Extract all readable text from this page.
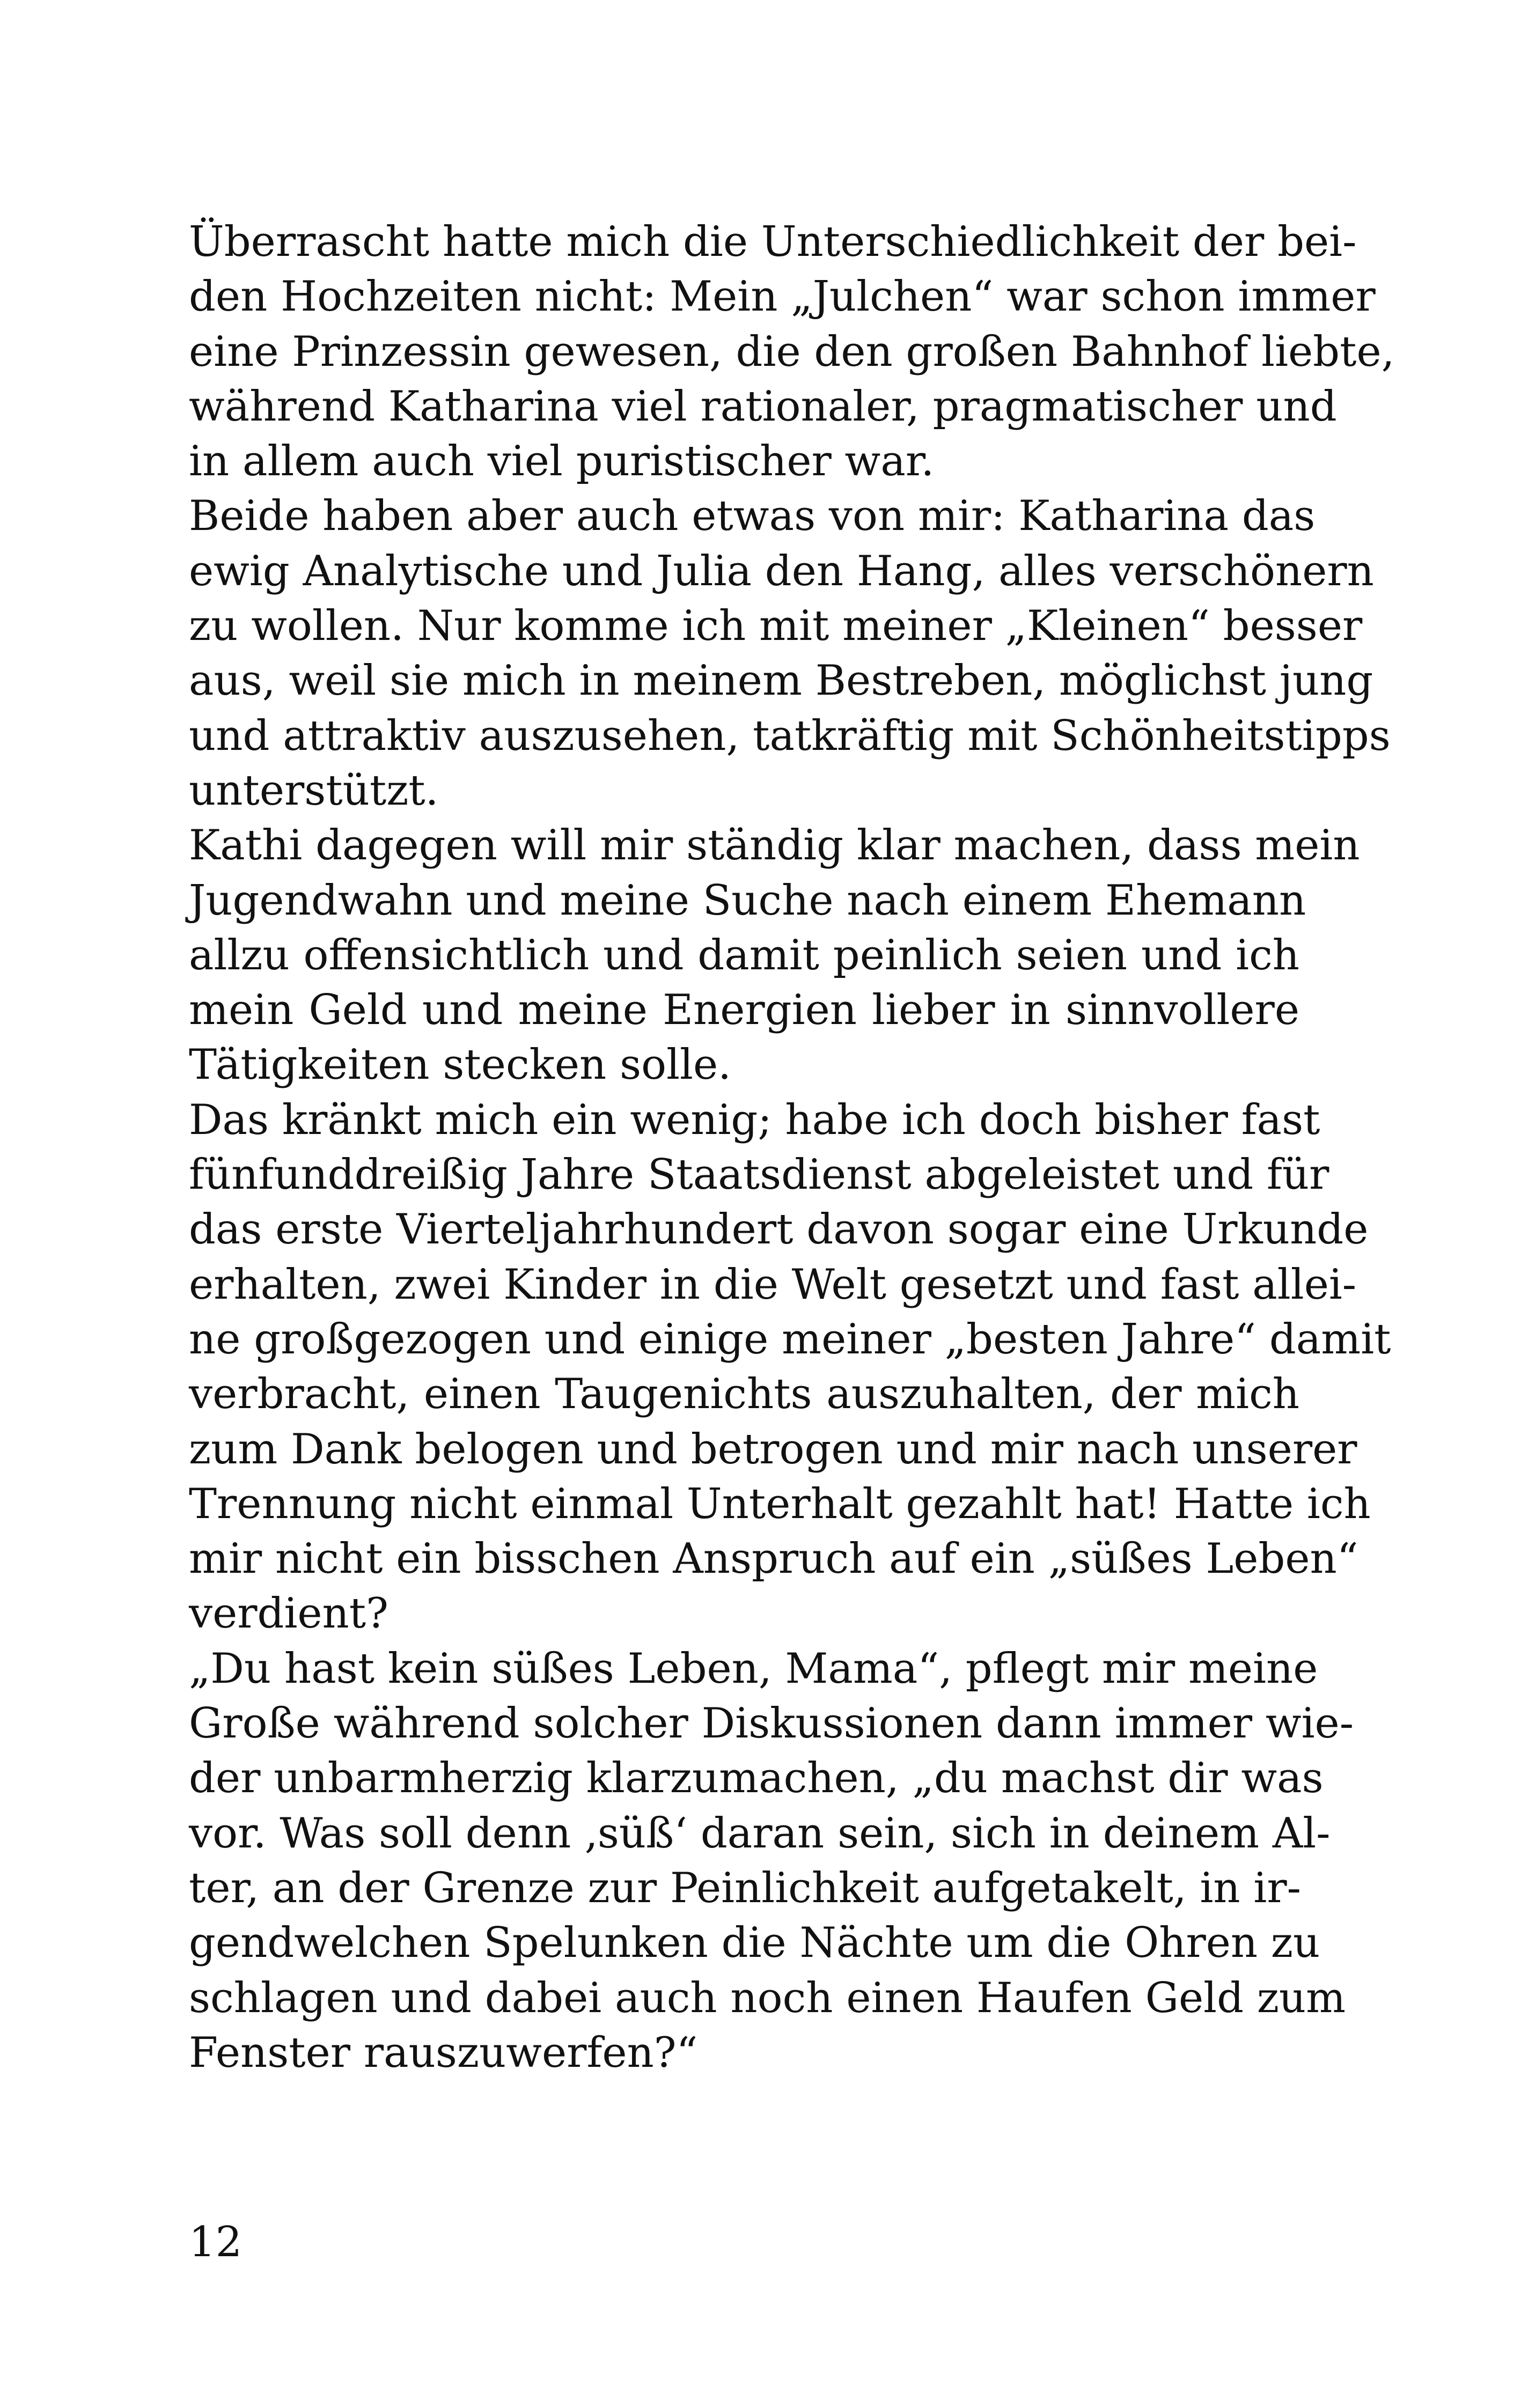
Überrascht hatte mich die Unterschiedlichkeit der bei-
den Hochzeiten nicht: Mein „Julchen“ war schon immer
eine Prinzessin gewesen, die den großen Bahnhof liebte,
während Katharina viel rationaler, pragmatischer und
in allem auch viel puristischer war.
Beide haben aber auch etwas von mir: Katharina das
ewig Analytische und Julia den Hang, alles verschönern
zu wollen. Nur komme ich mit meiner „Kleinen“ besser
aus, weil sie mich in meinem Bestreben, möglichst jung
und attraktiv auszusehen, tatkräftig mit Schönheitstipps
unterstützt.
Kathi dagegen will mir ständig klar machen, dass mein
Jugendwahn und meine Suche nach einem Ehemann
allzu offensichtlich und damit peinlich seien und ich
mein Geld und meine Energien lieber in sinnvollere
Tätigkeiten stecken solle.
Das kränkt mich ein wenig; habe ich doch bisher fast
fünfunddreißig Jahre Staatsdienst abgeleistet und für
das erste Vierteljahrhundert davon sogar eine Urkunde
erhalten, zwei Kinder in die Welt gesetzt und fast allei-
ne großgezogen und einige meiner „besten Jahre“ damit
verbracht, einen Taugenichts auszuhalten, der mich
zum Dank belogen und betrogen und mir nach unserer
Trennung nicht einmal Unterhalt gezahlt hat! Hatte ich
mir nicht ein bisschen Anspruch auf ein „süßes Leben“
verdient?
„Du hast kein süßes Leben, Mama“, pflegt mir meine
Große während solcher Diskussionen dann immer wie-
der unbarmherzig klarzumachen, „du machst dir was
vor. Was soll denn ‚süß‘ daran sein, sich in deinem Al-
ter, an der Grenze zur Peinlichkeit aufgetakelt, in ir-
gendwelchen Spelunken die Nächte um die Ohren zu
schlagen und dabei auch noch einen Haufen Geld zum
Fenster rauszuwerfen?“
12
